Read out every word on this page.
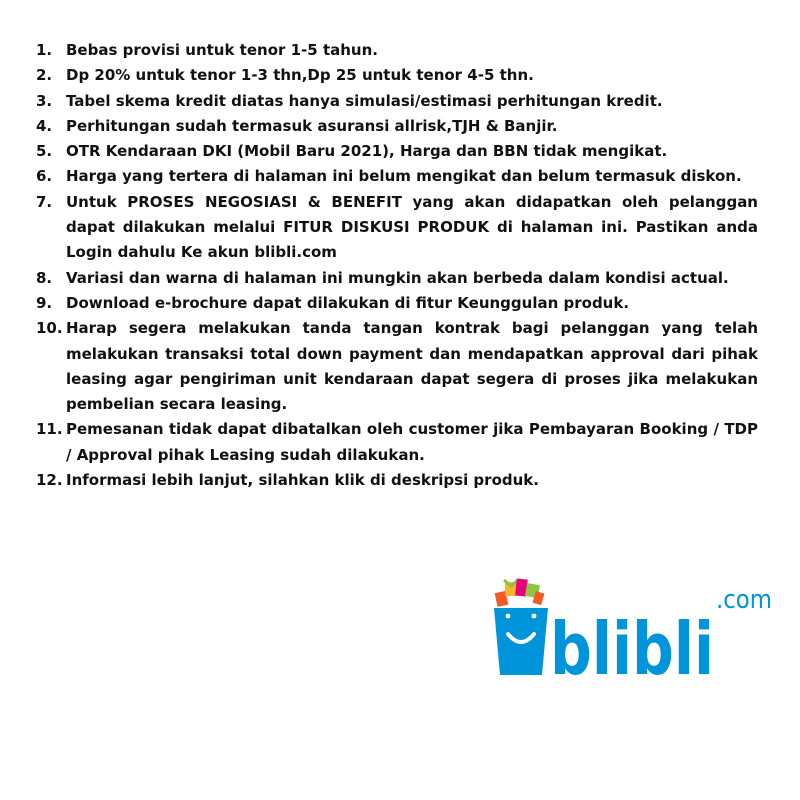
1. Bebas provisi untuk tenor 1-5 tahun.
2. Dp 20% untuk tenor 1-3 thn,Dp 25 untuk tenor 4-5 thn.
3. Tabel skema kredit diatas hanya simulasi/estimasi perhitungan kredit.
4. Perhitungan sudah termasuk asuransi allrisk,TJH & Banjir.
5. OTR Kendaraan DKI (Mobil Baru 2021), Harga dan BBN tidak mengikat.
6. Harga yang tertera di halaman ini belum mengikat dan belum termasuk diskon.
7. Untuk PROSES NEGOSIASI & BENEFIT yang akan didapatkan oleh pelanggan dapat dilakukan melalui FITUR DISKUSI PRODUK di halaman ini. Pastikan anda Login dahulu Ke akun blibli.com
8. Variasi dan warna di halaman ini mungkin akan berbeda dalam kondisi actual.
9. Download e-brochure dapat dilakukan di fitur Keunggulan produk.
10. Harap segera melakukan tanda tangan kontrak bagi pelanggan yang telah melakukan transaksi total down payment dan mendapatkan approval dari pihak leasing agar pengiriman unit kendaraan dapat segera di proses jika melakukan pembelian secara leasing.
11. Pemesanan tidak dapat dibatalkan oleh customer jika Pembayaran Booking / TDP / Approval pihak Leasing sudah dilakukan.
12. Informasi lebih lanjut, silahkan klik di deskripsi produk.
blibli
.com
